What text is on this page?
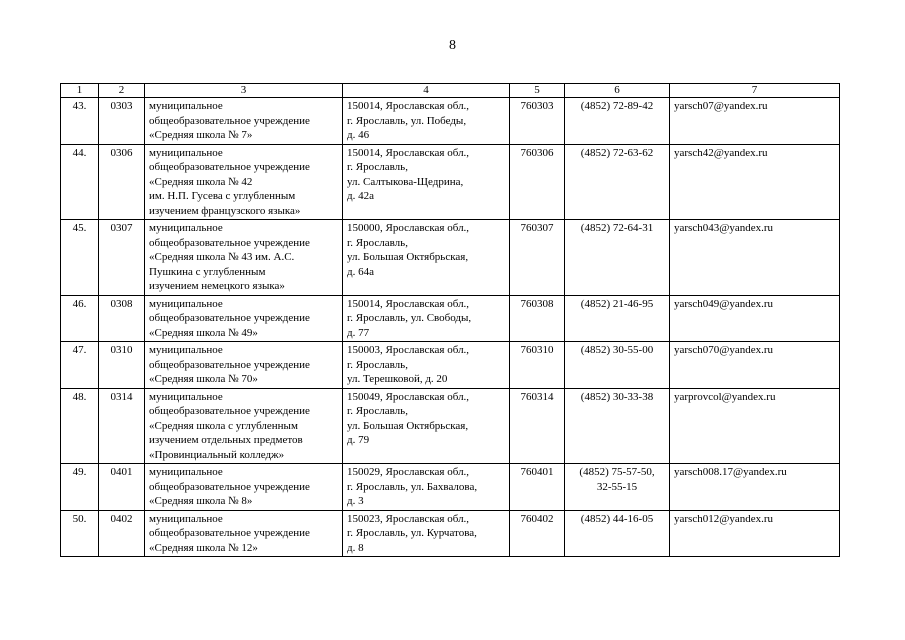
8
1	2	3	4	5	6	7
43.	0303	муниципальное
общеобразовательное учреждение
«Средняя школа № 7»	150014, Ярославская обл.,
г. Ярославль, ул. Победы,
д. 46	760303	(4852) 72-89-42	yarsch07@yandex.ru
44.	0306	муниципальное
общеобразовательное учреждение
«Средняя школа № 42
им. Н.П. Гусева с углубленным
изучением французского языка»	150014, Ярославская обл.,
г. Ярославль,
ул. Салтыкова-Щедрина,
д. 42а	760306	(4852) 72-63-62	yarsch42@yandex.ru
45.	0307	муниципальное
общеобразовательное учреждение
«Средняя школа № 43 им. А.С.
Пушкина с углубленным
изучением немецкого языка»	150000, Ярославская обл.,
г. Ярославль,
ул. Большая Октябрьская,
д. 64а	760307	(4852) 72-64-31	yarsch043@yandex.ru
46.	0308	муниципальное
общеобразовательное учреждение
«Средняя школа № 49»	150014, Ярославская обл.,
г. Ярославль, ул. Свободы,
д. 77	760308	(4852) 21-46-95	yarsch049@yandex.ru
47.	0310	муниципальное
общеобразовательное учреждение
«Средняя школа № 70»	150003, Ярославская обл.,
г. Ярославль,
ул. Терешковой, д. 20	760310	(4852) 30-55-00	yarsch070@yandex.ru
48.	0314	муниципальное
общеобразовательное учреждение
«Средняя школа с углубленным
изучением отдельных предметов
«Провинциальный колледж»	150049, Ярославская обл.,
г. Ярославль,
ул. Большая Октябрьская,
д. 79	760314	(4852) 30-33-38	yarprovcol@yandex.ru
49.	0401	муниципальное
общеобразовательное учреждение
«Средняя школа № 8»	150029, Ярославская обл.,
г. Ярославль, ул. Бахвалова,
д. 3	760401	(4852) 75-57-50,
32-55-15	yarsch008.17@yandex.ru
50.	0402	муниципальное
общеобразовательное учреждение
«Средняя школа № 12»	150023, Ярославская обл.,
г. Ярославль, ул. Курчатова,
д. 8	760402	(4852) 44-16-05	yarsch012@yandex.ru
